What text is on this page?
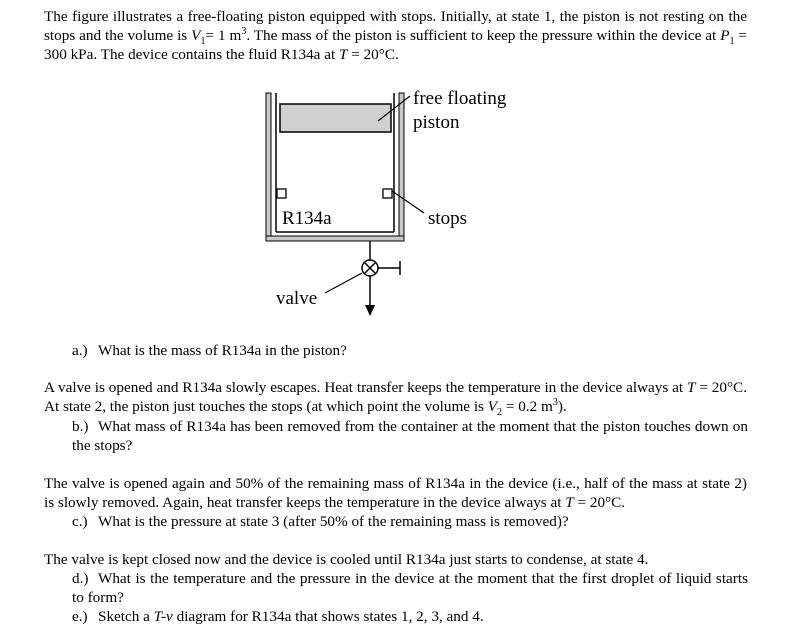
The figure illustrates a free-floating piston equipped with stops. Initially, at state 1, the piston is not resting on the stops and the volume is $V_1= 1$ $m^3$. The mass of the piston is sufficient to keep the pressure within the device at $P_1 = 300$ kPa. The device contains the fluid R134a at T = 20°C.
free floating
piston
stops
R134a
valve
a.) What is the mass of R134a in the piston?
A valve is opened and R134a slowly escapes. Heat transfer keeps the temperature in the device always at T = 20°C. At state 2, the piston just touches the stops (at which point the volume is $V_2 = 0.2$ $m^3$).
b.) What mass of R134a has been removed from the container at the moment that the piston touches down on the stops?
The valve is opened again and 50% of the remaining mass of R134a in the device (i.e., half of the mass at state 2) is slowly removed. Again, heat transfer keeps the temperature in the device always at T = 20°C.
c.) What is the pressure at state 3 (after 50% of the remaining mass is removed)?
The valve is kept closed now and the device is cooled until R134a just starts to condense, at state 4.
d.) What is the temperature and the pressure in the device at the moment that the first droplet of liquid starts to form?
e.) Sketch a T-v diagram for R134a that shows states 1, 2, 3, and 4.
